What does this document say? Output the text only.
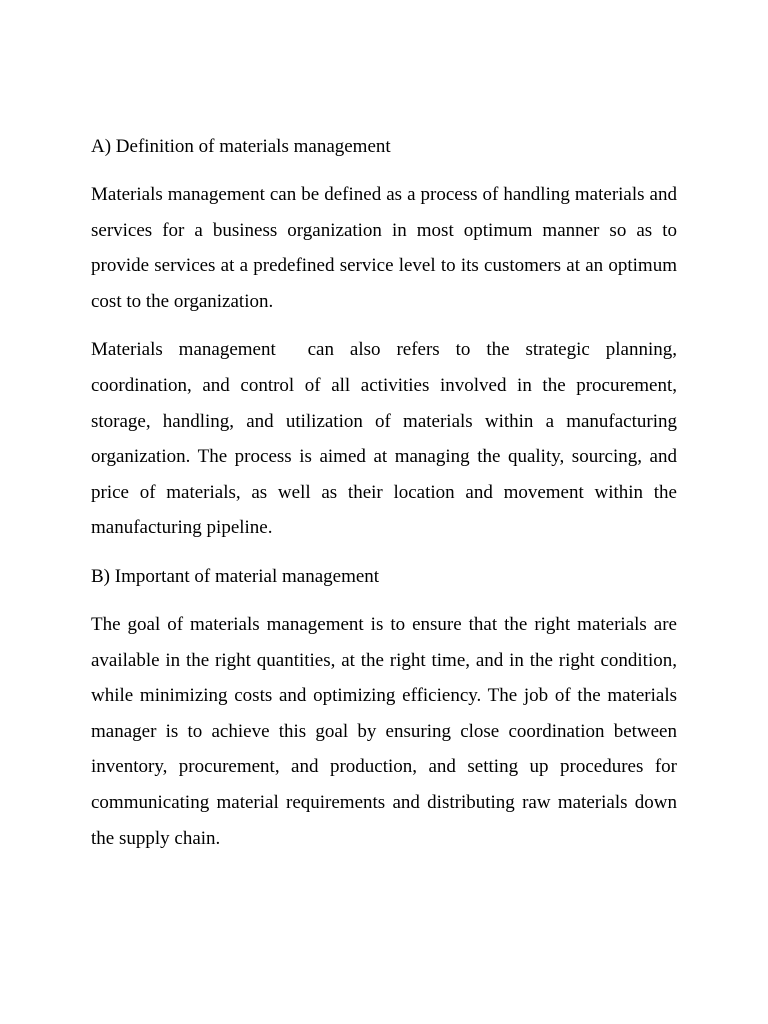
A) Definition of materials management

Materials management can be defined as a process of handling materials and services for a business organization in most optimum manner so as to provide services at a predefined service level to its customers at an optimum cost to the organization.

Materials management  can also refers to the strategic planning, coordination, and control of all activities involved in the procurement, storage, handling, and utilization of materials within a manufacturing organization. The process is aimed at managing the quality, sourcing, and price of materials, as well as their location and movement within the manufacturing pipeline.

B) Important of material management

The goal of materials management is to ensure that the right materials are available in the right quantities, at the right time, and in the right condition, while minimizing costs and optimizing efficiency. The job of the materials manager is to achieve this goal by ensuring close coordination between inventory, procurement, and production, and setting up procedures for communicating material requirements and distributing raw materials down the supply chain.
